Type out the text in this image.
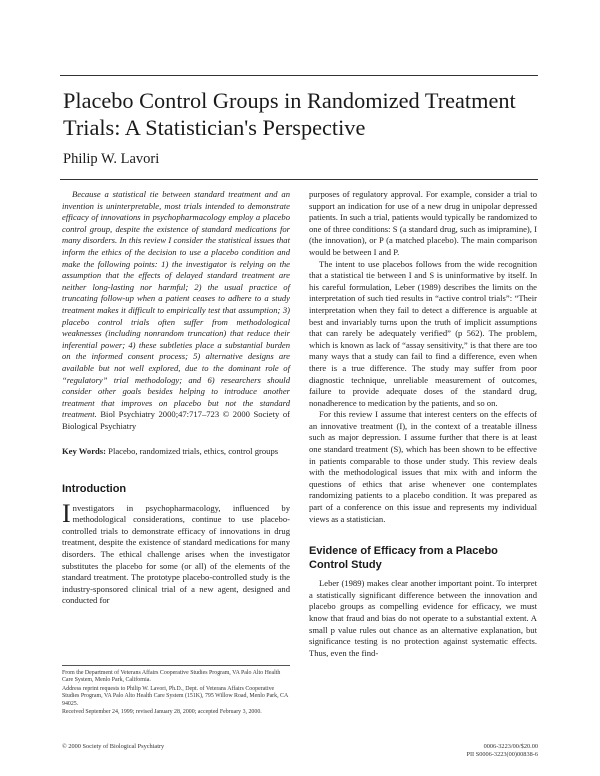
Placebo Control Groups in Randomized Treatment Trials: A Statistician's Perspective
Philip W. Lavori

Because a statistical tie between standard treatment and an invention is uninterpretable, most trials intended to demonstrate efficacy of innovations in psychopharmacology employ a placebo control group, despite the existence of standard medications for many disorders. In this review I consider the statistical issues that inform the ethics of the decision to use a placebo condition and make the following points: 1) the investigator is relying on the assumption that the effects of delayed standard treatment are neither long-lasting nor harmful; 2) the usual practice of truncating follow-up when a patient ceases to adhere to a study treatment makes it difficult to empirically test that assumption; 3) placebo control trials often suffer from methodological weaknesses (including nonrandom truncation) that reduce their inferential power; 4) these subtleties place a substantial burden on the informed consent process; 5) alternative designs are available but not well explored, due to the dominant role of “regulatory” trial methodology; and 6) researchers should consider other goals besides helping to introduce another treatment that improves on placebo but not the standard treatment. Biol Psychiatry 2000;47:717–723 © 2000 Society of Biological Psychiatry

Key Words: Placebo, randomized trials, ethics, control groups
Introduction

Investigators in psychopharmacology, influenced by methodological considerations, continue to use placebo-controlled trials to demonstrate efficacy of innovations in drug treatment, despite the existence of standard medications for many disorders. The ethical challenge arises when the investigator substitutes the placebo for some (or all) of the elements of the standard treatment. The prototype placebo-controlled study is the industry-sponsored clinical trial of a new agent, designed and conducted for

From the Department of Veterans Affairs Cooperative Studies Program, VA Palo Alto Health Care System, Menlo Park, California.

Address reprint requests to Philip W. Lavori, Ph.D., Dept. of Veterans Affairs Cooperative Studies Program, VA Palo Alto Health Care System (151K), 795 Willow Road, Menlo Park, CA 94025.

Received September 24, 1999; revised January 28, 2000; accepted February 3, 2000.

purposes of regulatory approval. For example, consider a trial to support an indication for use of a new drug in unipolar depressed patients. In such a trial, patients would typically be randomized to one of three conditions: S (a standard drug, such as imipramine), I (the innovation), or P (a matched placebo). The main comparison would be between I and P.

The intent to use placebos follows from the wide recognition that a statistical tie between I and S is uninformative by itself. In his careful formulation, Leber (1989) describes the limits on the interpretation of such tied results in “active control trials”: “Their interpretation when they fail to detect a difference is arguable at best and invariably turns upon the truth of implicit assumptions that can rarely be adequately verified” (p 562). The problem, which is known as lack of “assay sensitivity,” is that there are too many ways that a study can fail to find a difference, even when there is a true difference. The study may suffer from poor diagnostic technique, unreliable measurement of outcomes, failure to provide adequate doses of the standard drug, nonadherence to medication by the patients, and so on.

For this review I assume that interest centers on the effects of an innovative treatment (I), in the context of a treatable illness such as major depression. I assume further that there is at least one standard treatment (S), which has been shown to be effective in patients comparable to those under study. This review deals with the methodological issues that mix with and inform the questions of ethics that arise whenever one contemplates randomizing patients to a placebo condition. It was prepared as part of a conference on this issue and represents my individual views as a statistician.

Evidence of Efficacy from a Placebo Control Study

Leber (1989) makes clear another important point. To interpret a statistically significant difference between the innovation and placebo groups as compelling evidence for efficacy, we must know that fraud and bias do not operate to a substantial extent. A small p value rules out chance as an alternative explanation, but significance testing is no protection against systematic effects. Thus, even the find-

© 2000 Society of Biological Psychiatry	0006-3223/00/$20.00
PII S0006-3223(00)00838-6
